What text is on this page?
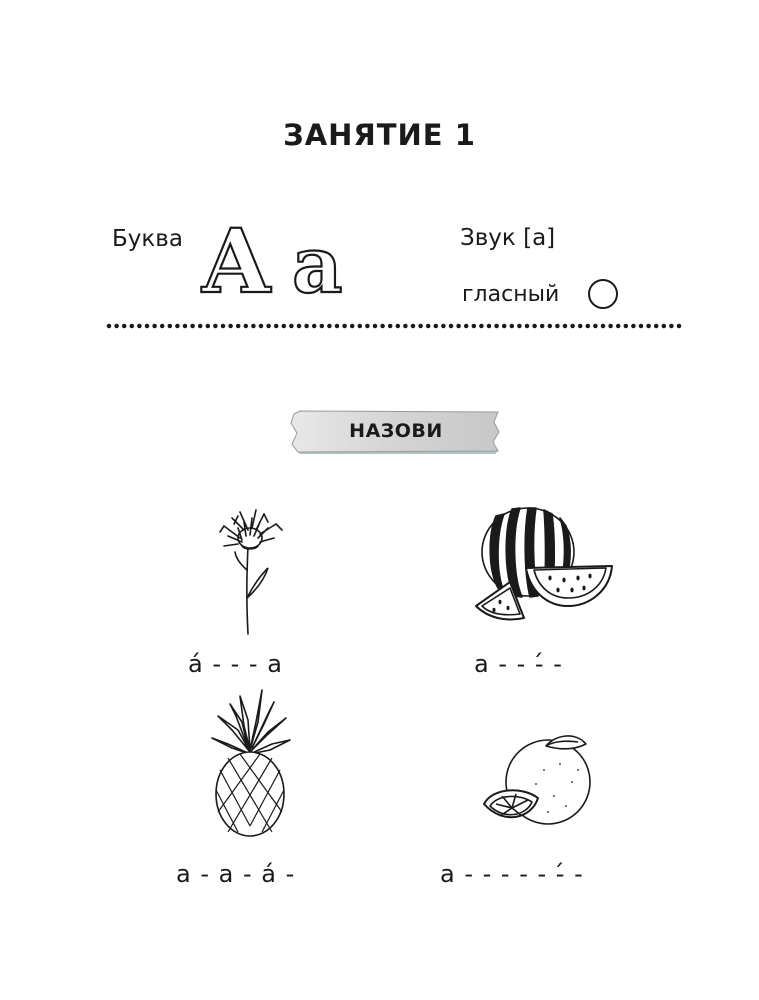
ЗАНЯТИЕ 1
Буква A a	Звук [а]
гласный
НАЗОВИ
а́ - - - а	а - - -́ -
а - а - а́ -	а - - - - - -́ -
